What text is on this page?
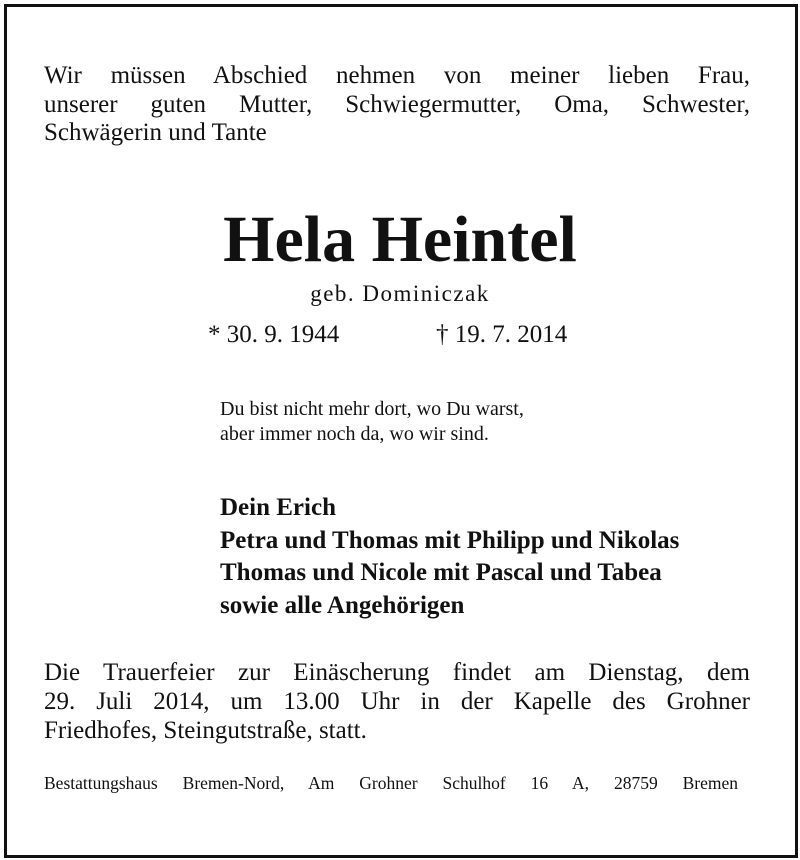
Wir müssen Abschied nehmen von meiner lieben Frau,
unserer guten Mutter, Schwiegermutter, Oma, Schwester,
Schwägerin und Tante
Hela Heintel
geb. Dominiczak
* 30. 9. 1944	† 19. 7. 2014
Du bist nicht mehr dort, wo Du warst,
aber immer noch da, wo wir sind.
Dein Erich
Petra und Thomas mit Philipp und Nikolas
Thomas und Nicole mit Pascal und Tabea
sowie alle Angehörigen
Die Trauerfeier zur Einäscherung findet am Dienstag, dem
29. Juli 2014, um 13.00 Uhr in der Kapelle des Grohner
Friedhofes, Steingutstraße, statt.
Bestattungshaus Bremen-Nord, Am Grohner Schulhof 16 A, 28759 Bremen
